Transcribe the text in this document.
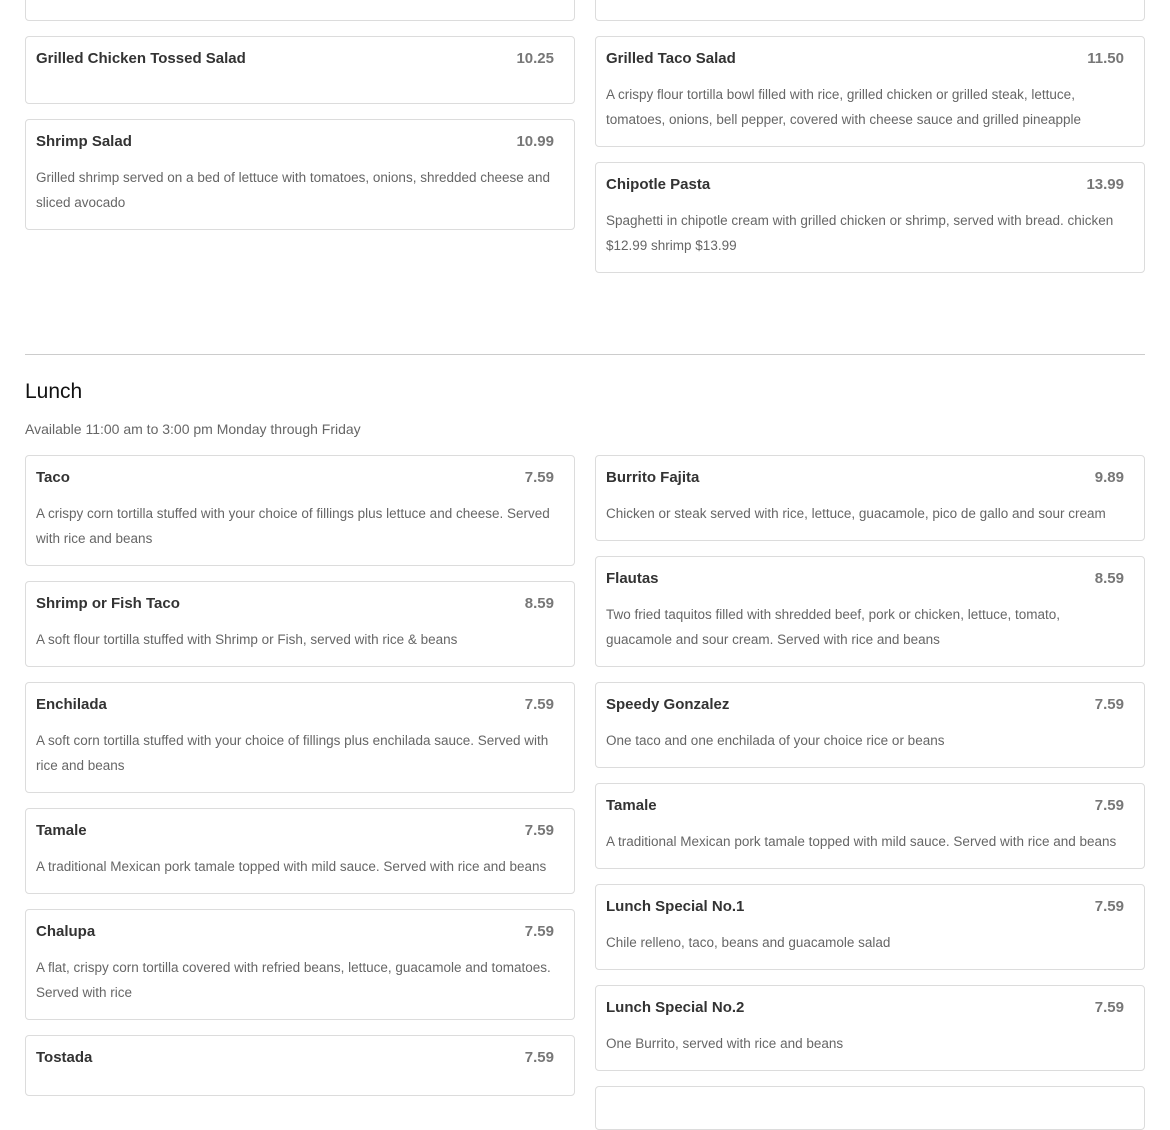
Grilled Chicken Tossed Salad	10.25
Shrimp Salad	10.99
Grilled shrimp served on a bed of lettuce with tomatoes, onions, shredded cheese and sliced avocado
Grilled Taco Salad	11.50
A crispy flour tortilla bowl filled with rice, grilled chicken or grilled steak, lettuce, tomatoes, onions, bell pepper, covered with cheese sauce and grilled pineapple
Chipotle Pasta	13.99
Spaghetti in chipotle cream with grilled chicken or shrimp, served with bread. chicken $12.99 shrimp $13.99
Lunch
Available 11:00 am to 3:00 pm Monday through Friday
Taco	7.59
A crispy corn tortilla stuffed with your choice of fillings plus lettuce and cheese. Served with rice and beans
Shrimp or Fish Taco	8.59
A soft flour tortilla stuffed with Shrimp or Fish, served with rice & beans
Enchilada	7.59
A soft corn tortilla stuffed with your choice of fillings plus enchilada sauce. Served with rice and beans
Tamale	7.59
A traditional Mexican pork tamale topped with mild sauce. Served with rice and beans
Chalupa	7.59
A flat, crispy corn tortilla covered with refried beans, lettuce, guacamole and tomatoes. Served with rice
Tostada	7.59
Burrito Fajita	9.89
Chicken or steak served with rice, lettuce, guacamole, pico de gallo and sour cream
Flautas	8.59
Two fried taquitos filled with shredded beef, pork or chicken, lettuce, tomato, guacamole and sour cream. Served with rice and beans
Speedy Gonzalez	7.59
One taco and one enchilada of your choice rice or beans
Tamale	7.59
A traditional Mexican pork tamale topped with mild sauce. Served with rice and beans
Lunch Special No.1	7.59
Chile relleno, taco, beans and guacamole salad
Lunch Special No.2	7.59
One Burrito, served with rice and beans
